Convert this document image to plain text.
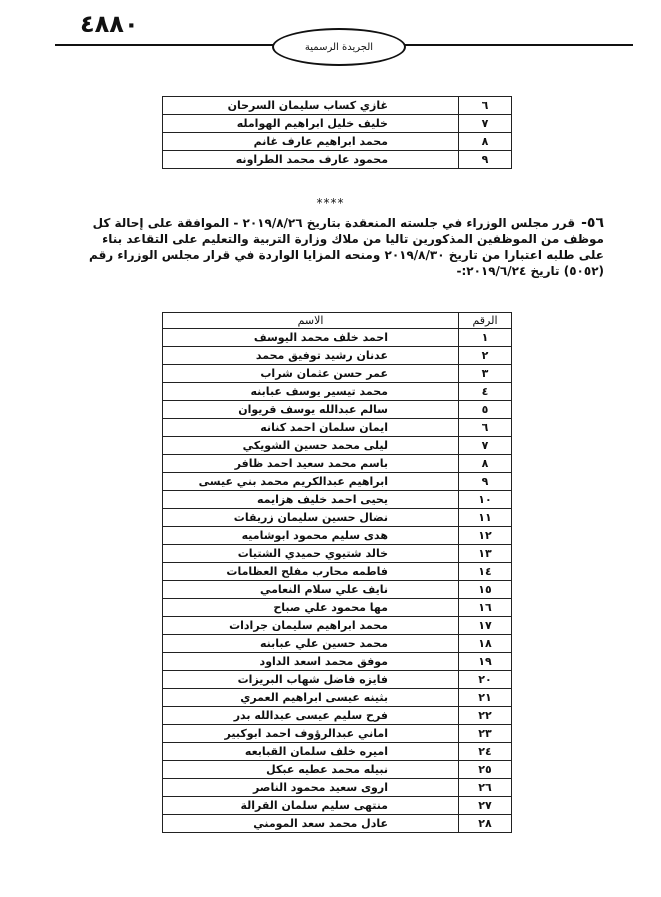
٤٨٨٠
الجريدة الرسمية
٦	غازي كساب سليمان السرحان
٧	خليف خليل ابراهيم الهوامله
٨	محمد ابراهيم عارف غانم
٩	محمود عارف محمد الطراونه
****
٥٦-
قرر مجلس الوزراء في جلسته المنعقدة بتاريخ ٢٠١٩/٨/٢٦ - الموافقة على إحالة كل موظف من الموظفين المذكورين تاليا من ملاك وزارة التربية والتعليم على التقاعد بناء على طلبه اعتبارا من تاريخ ٢٠١٩/٨/٣٠ ومنحه المزايا الواردة في قرار مجلس الوزراء رقم (٥٠٥٢) تاريخ ٢٠١٩/٦/٢٤:-
الرقم	الاسم
١	احمد خلف محمد اليوسف
٢	عدنان رشيد توفيق محمد
٣	عمر حسن عثمان شراب
٤	محمد تيسير يوسف عبابنه
٥	سالم عبدالله يوسف قريوان
٦	ايمان سلمان احمد كنانه
٧	ليلى محمد حسين الشويكي
٨	باسم محمد سعيد احمد ظافر
٩	ابراهيم عبدالكريم محمد بني عيسى
١٠	يحيى احمد خليف هزايمه
١١	نضال حسين سليمان زريقات
١٢	هدى سليم محمود ابوشاميه
١٣	خالد شتيوي حميدي الشتيات
١٤	فاطمه محارب مفلح العظامات
١٥	نايف علي سلام النعامي
١٦	مها محمود علي صباح
١٧	محمد ابراهيم سليمان جرادات
١٨	محمد حسين علي عبابنه
١٩	موفق محمد اسعد الداود
٢٠	فايزه فاضل شهاب البريزات
٢١	بثينه عيسى ابراهيم العمري
٢٢	فرح سليم عيسى عبدالله بدر
٢٣	اماني عبدالرؤوف احمد ابوكبير
٢٤	اميره خلف سلمان القبابعه
٢٥	نبيله محمد عطيه عبكل
٢٦	اروى سعيد محمود الناصر
٢٧	منتهى سليم سلمان القرالة
٢٨	عادل محمد سعد المومني
